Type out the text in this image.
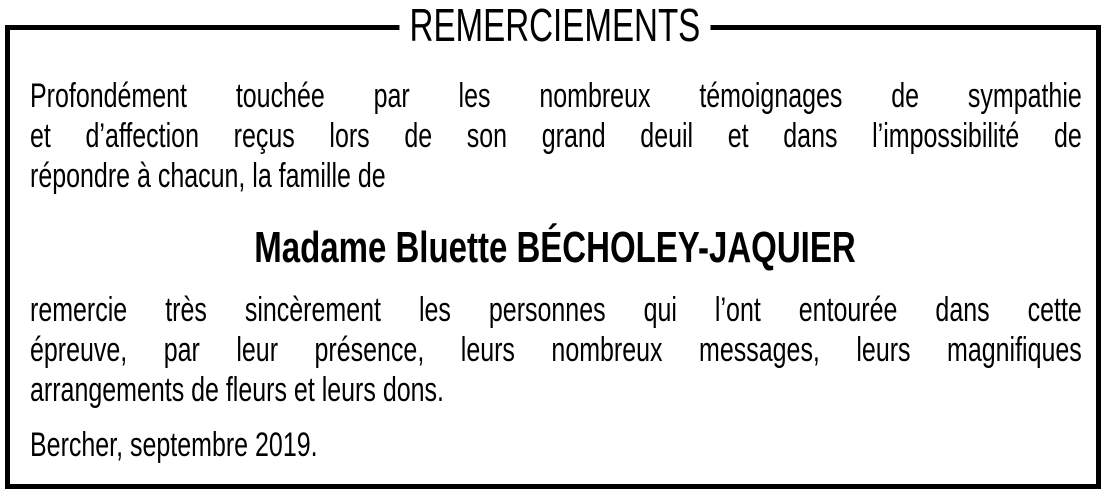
REMERCIEMENTS
Profondément touchée par les nombreux témoignages de sympathie
et d’affection reçus lors de son grand deuil et dans l’impossibilité de
répondre à chacun, la famille de
Madame Bluette BÉCHOLEY-JAQUIER
remercie très sincèrement les personnes qui l’ont entourée dans cette
épreuve, par leur présence, leurs nombreux messages, leurs magnifiques
arrangements de fleurs et leurs dons.
Bercher, septembre 2019.
